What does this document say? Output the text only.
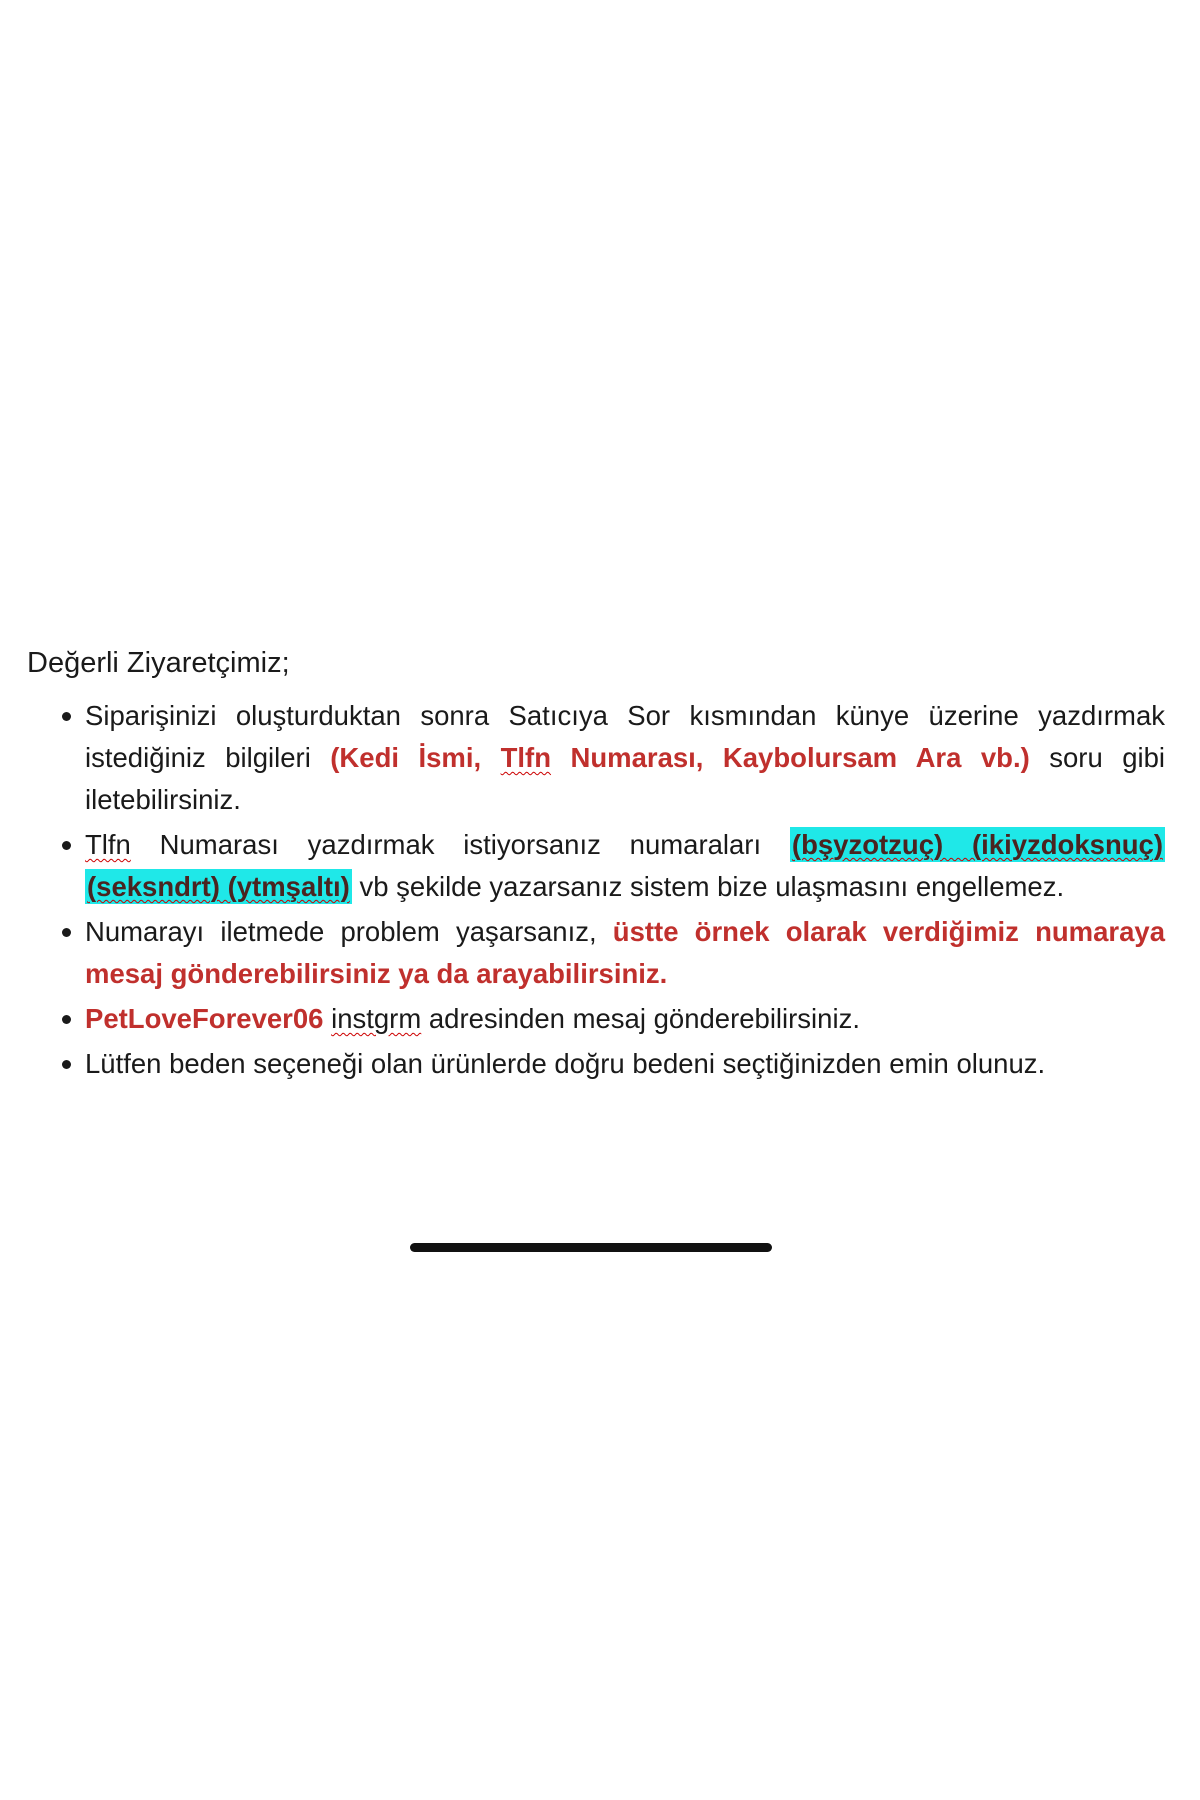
Değerli Ziyaretçimiz;
Siparişinizi oluşturduktan sonra Satıcıya Sor kısmından künye üzerine yazdırmak istediğiniz bilgileri (Kedi İsmi, Tlfn Numarası, Kaybolursam Ara vb.) soru gibi iletebilirsiniz.
Tlfn Numarası yazdırmak istiyorsanız numaraları (bşyzotzuç) (ikiyzdoksnuç) (seksndrt) (ytmşaltı) vb şekilde yazarsanız sistem bize ulaşmasını engellemez.
Numarayı iletmede problem yaşarsanız, üstte örnek olarak verdiğimiz numaraya mesaj gönderebilirsiniz ya da arayabilirsiniz.
PetLoveForever06 instgrm adresinden mesaj gönderebilirsiniz.
Lütfen beden seçeneği olan ürünlerde doğru bedeni seçtiğinizden emin olunuz.
